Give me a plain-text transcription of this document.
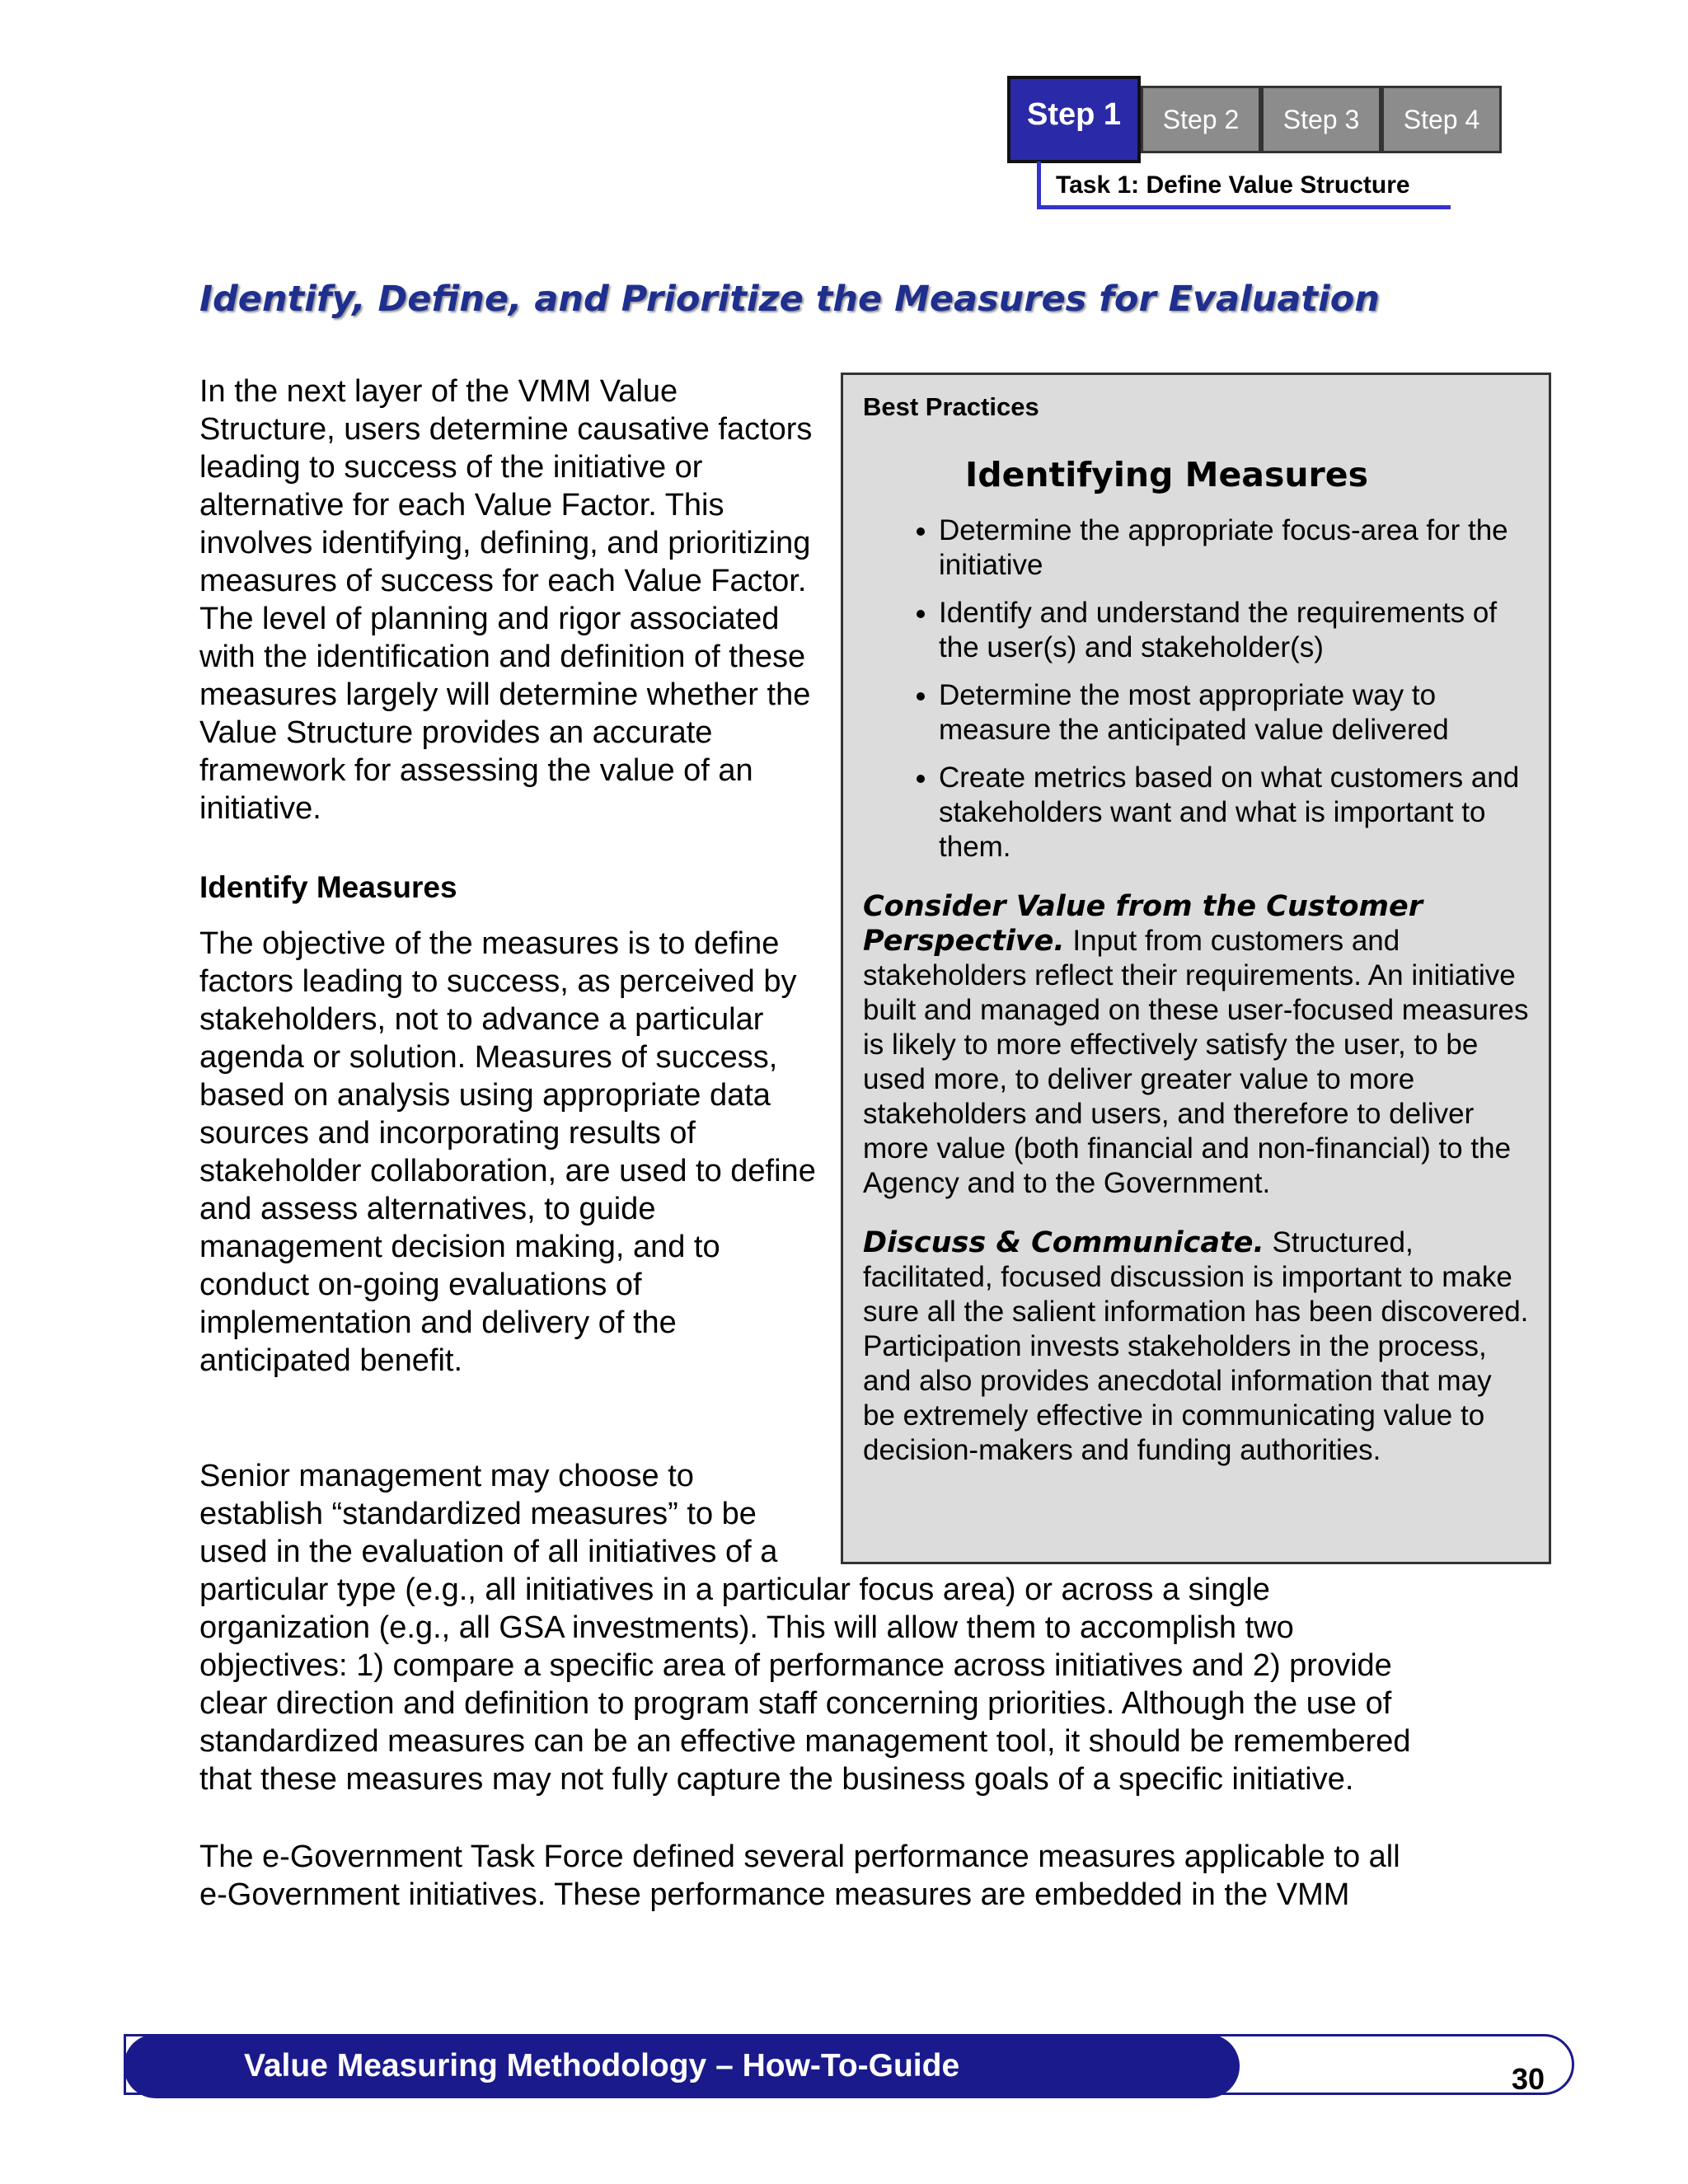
Step 1	Step 2	Step 3	Step 4
Task 1: Define Value Structure
Identify, Define, and Prioritize the Measures for Evaluation
In the next layer of the VMM Value Structure, users determine causative factors leading to success of the initiative or alternative for each Value Factor. This involves identifying, defining, and prioritizing measures of success for each Value Factor. The level of planning and rigor associated with the identification and definition of these measures largely will determine whether the Value Structure provides an accurate framework for assessing the value of an initiative.
Identify Measures
The objective of the measures is to define factors leading to success, as perceived by stakeholders, not to advance a particular agenda or solution. Measures of success, based on analysis using appropriate data sources and incorporating results of stakeholder collaboration, are used to define and assess alternatives, to guide management decision making, and to conduct on-going evaluations of implementation and delivery of the anticipated benefit.

Senior management may choose to

establish “standardized measures” to be

used in the evaluation of all initiatives of a

particular type (e.g., all initiatives in a particular focus area) or across a single

organization (e.g., all GSA investments). This will allow them to accomplish two

objectives: 1) compare a specific area of performance across initiatives and 2) provide

clear direction and definition to program staff concerning priorities. Although the use of

standardized measures can be an effective management tool, it should be remembered

that these measures may not fully capture the business goals of a specific initiative.

The e-Government Task Force defined several performance measures applicable to all

e-Government initiatives. These performance measures are embedded in the VMM

Best Practices

Identifying Measures
• Determine the appropriate focus-area for the initiative
• Identify and understand the requirements of the user(s) and stakeholder(s)
• Determine the most appropriate way to measure the anticipated value delivered
• Create metrics based on what customers and stakeholders want and what is important to them.

Consider Value from the Customer Perspective. Input from customers and stakeholders reflect their requirements. An initiative built and managed on these user-focused measures is likely to more effectively satisfy the user, to be used more, to deliver greater value to more stakeholders and users, and therefore to deliver more value (both financial and non-financial) to the Agency and to the Government.

Discuss & Communicate. Structured, facilitated, focused discussion is important to make sure all the salient information has been discovered. Participation invests stakeholders in the process, and also provides anecdotal information that may be extremely effective in communicating value to decision-makers and funding authorities.

Value Measuring Methodology – How-To-Guide	30
